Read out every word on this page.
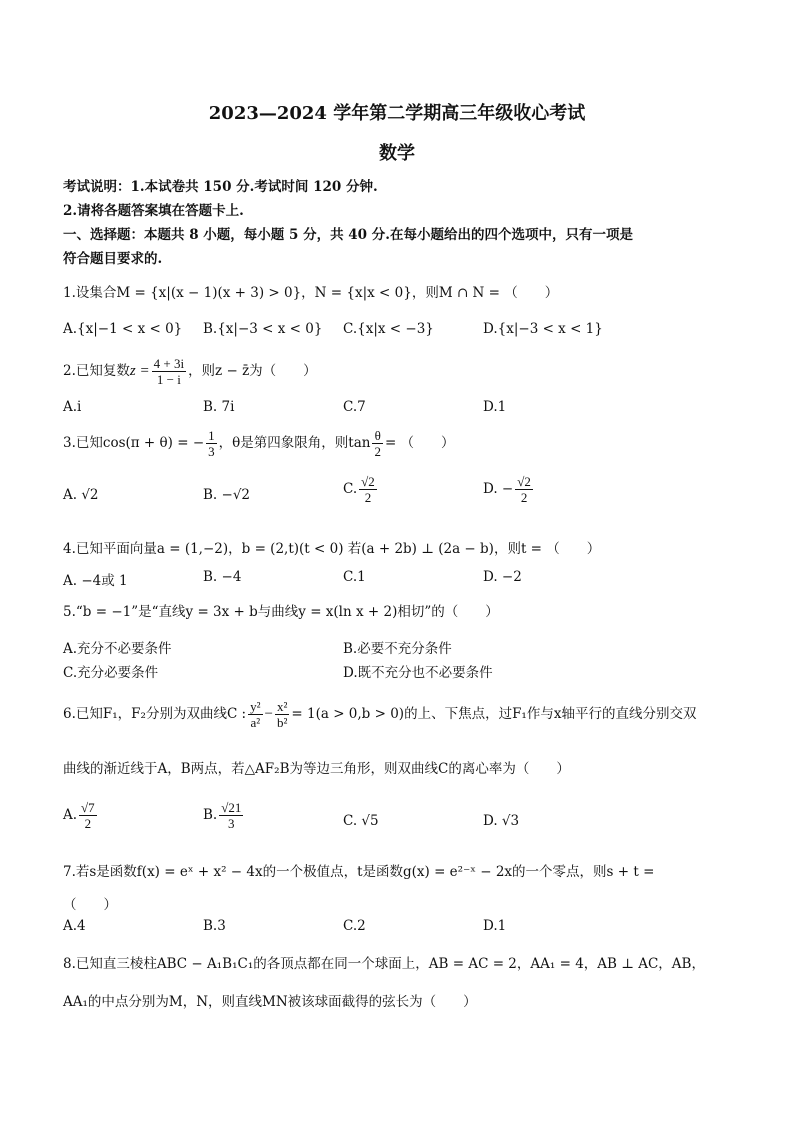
2023—2024 学年第二学期高三年级收心考试
数学
考试说明：1.本试卷共 150 分.考试时间 120 分钟.
2.请将各题答案填在答题卡上.
一、选择题：本题共 8 小题，每小题 5 分，共 40 分.在每小题给出的四个选项中，只有一项是
符合题目要求的.
1.设集合M = {x|(x − 1)(x + 3) > 0}，N = {x|x < 0}，则M ∩ N = （　　）
A.{x|−1 < x < 0} B.{x|−3 < x < 0} C.{x|x < −3}	D.{x|−3 < x < 1}
2.已知复数$z = \frac{4 + 3i}{1 - i}$ ，则z − z̄为（　　）
A.i	B. 7i	C.7	D.1
3.已知cos(π + θ) = − $\frac{1}{3}$ ，θ是第四象限角，则$\tan \frac{\theta}{2}$ = （　　）
A. √2	B. −√2	C. $\frac{√2}{2}$	D. − $\frac{√2}{2}$
4.已知平面向量a = (1,−2)，b = (2,t)(t < 0) 若(a + 2b) ⊥ (2a − b)，则t = （　　）
A. −4或 1	B. −4	C.1	D. −2
5.“b = −1”是“直线y = 3x + b与曲线y = x(ln x + 2)相切”的（　　）
A.充分不必要条件	B.必要不充分条件
C.充分必要条件	D.既不充分也不必要条件
6.已知F₁，F₂分别为双曲线C : $\frac{\text{y²}}{\text{a²}} - \frac{\text{x²}}{\text{b²}} = 1(a > 0,b > 0)$的上、下焦点，过F₁作与x轴平行的直线分别交双
曲线的渐近线于A，B两点，若△AF₂B为等边三角形，则双曲线C的离心率为（　　）
A. $\frac{√7}{2}$	B. $\frac{√21}{3}$	C. √5	D. √3
7.若s是函数f(x) = eˣ + x² − 4x的一个极值点，t是函数g(x) = e²⁻ˣ − 2x的一个零点，则s + t =
（　　）
A.4	B.3	C.2	D.1
8.已知直三棱柱ABC − A₁B₁C₁的各顶点都在同一个球面上，AB = AC = 2，AA₁ = 4，AB ⊥ AC，AB，
AA₁的中点分别为M，N，则直线MN被该球面截得的弦长为（　　）
